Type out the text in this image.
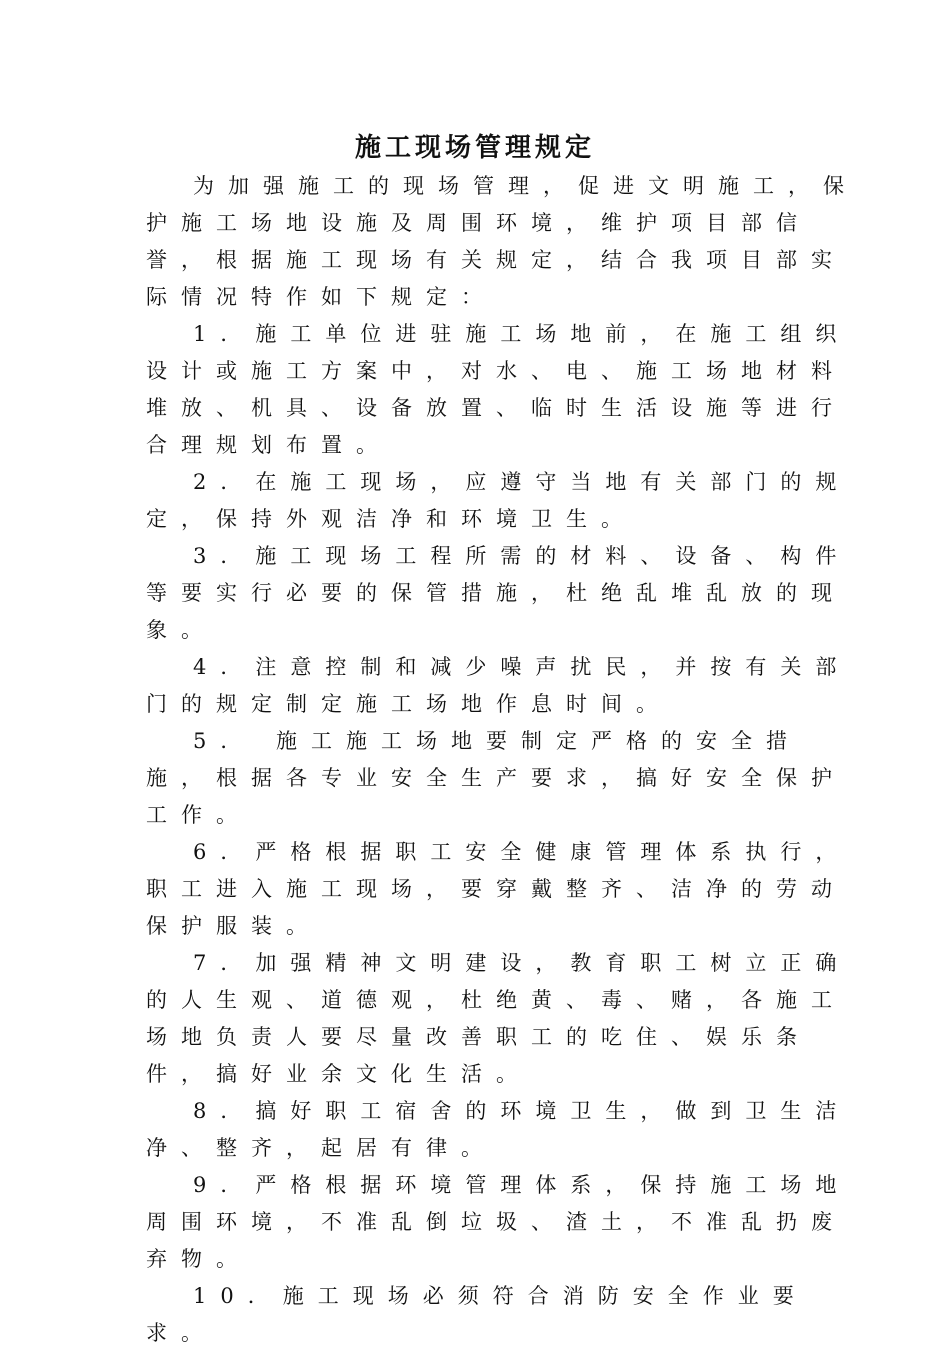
施工现场管理规定

为加强施工的现场管理，促进文明施工，保护施工场地设施及周围环境，维护项目部信誉，根据施工现场有关规定，结合我项目部实际情况特作如下规定：

1．施工单位进驻施工场地前，在施工组织设计或施工方案中，对水、电、施工场地材料堆放、机具、设备放置、临时生活设施等进行合理规划布置。

2．在施工现场，应遵守当地有关部门的规定，保持外观洁净和环境卫生。

3．施工现场工程所需的材料、设备、构件等要实行必要的保管措施，杜绝乱堆乱放的现象。

4．注意控制和减少噪声扰民，并按有关部门的规定制定施工场地作息时间。

5． 施工施工场地要制定严格的安全措施，根据各专业安全生产要求，搞好安全保护工作。

6．严格根据职工安全健康管理体系执行，职工进入施工现场，要穿戴整齐、洁净的劳动保护服装。

7．加强精神文明建设，教育职工树立正确的人生观、道德观，杜绝黄、毒、赌，各施工场地负责人要尽量改善职工的吃住、娱乐条件，搞好业余文化生活。

8．搞好职工宿舍的环境卫生，做到卫生洁净、整齐，起居有律。

9．严格根据环境管理体系，保持施工场地周围环境，不准乱倒垃圾、渣土，不准乱扔废弃物。

10．施工现场必须符合消防安全作业要求。
